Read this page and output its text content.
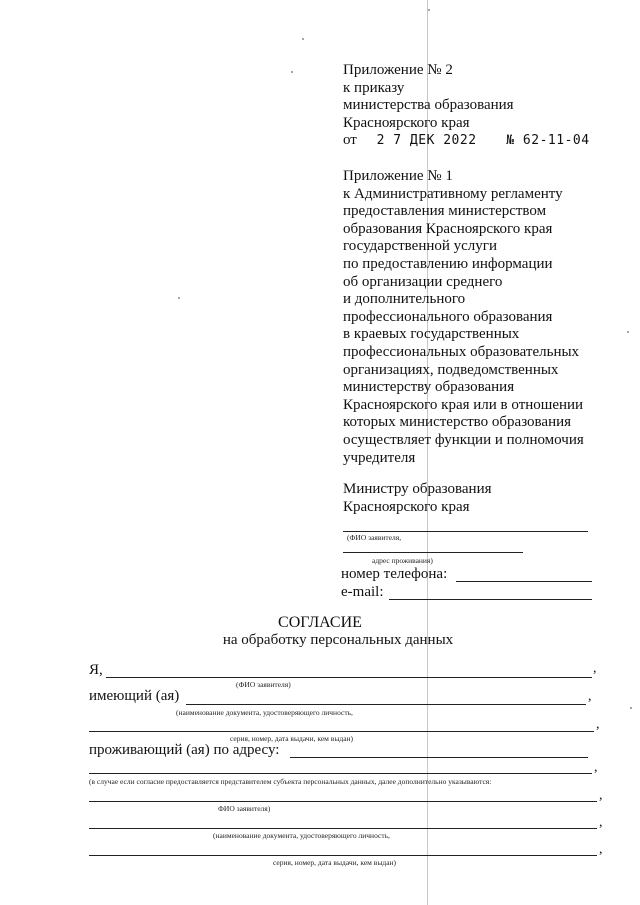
Приложение № 2
к приказу
министерства образования
Красноярского края
от 2 7 ДЕК 2022 № 62-11-04
Приложение № 1
к Административному регламенту
предоставления министерством
образования Красноярского края
государственной услуги
по предоставлению информации
об организации среднего
и дополнительного
профессионального образования
в краевых государственных
профессиональных образовательных
организациях, подведомственных
министерству образования
Красноярского края или в отношении
которых министерство образования
осуществляет функции и полномочия
учредителя
Министру образования
Красноярского края
(ФИО заявителя,
адрес проживания)
номер телефона:
e-mail:
СОГЛАСИЕ
на обработку персональных данных
Я,	,
(ФИО заявителя)
имеющий (ая)	,
(наименование документа, удостоверяющего личность,
,
серия, номер, дата выдачи, кем выдан)
проживающий (ая) по адресу:
,
(в случае если согласие предоставляется представителем субъекта персональных данных, далее дополнительно указываются:
,
ФИО заявителя)
,
(наименование документа, удостоверяющего личность,
,
серия, номер, дата выдачи, кем выдан)
